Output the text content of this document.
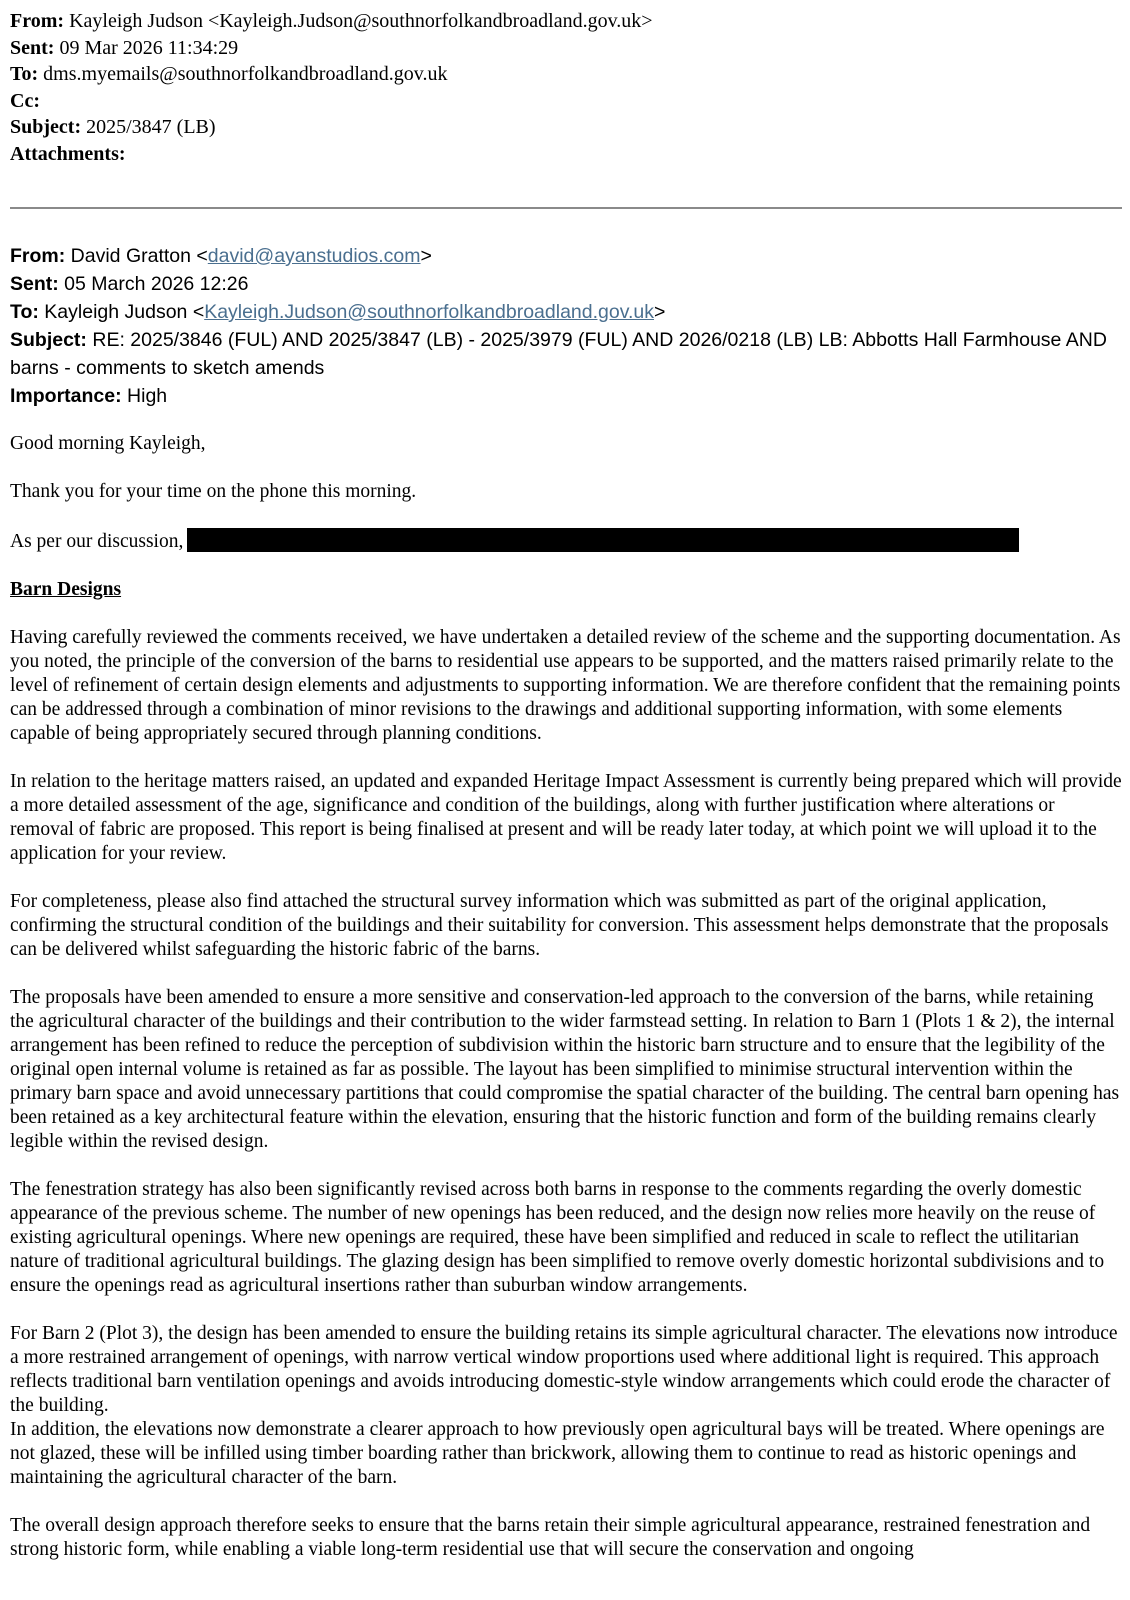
From: Kayleigh Judson <Kayleigh.Judson@southnorfolkandbroadland.gov.uk>
Sent: 09 Mar 2026 11:34:29
To: dms.myemails@southnorfolkandbroadland.gov.uk
Cc:
Subject: 2025/3847 (LB)
Attachments:
From: David Gratton <david@ayanstudios.com>
Sent: 05 March 2026 12:26
To: Kayleigh Judson <Kayleigh.Judson@southnorfolkandbroadland.gov.uk>
Subject: RE: 2025/3846 (FUL) AND 2025/3847 (LB) - 2025/3979 (FUL) AND 2026/0218 (LB) LB: Abbotts Hall Farmhouse AND barns - comments to sketch amends
Importance: High

Good morning Kayleigh,

Thank you for your time on the phone this morning.

As per our discussion,

Barn Designs

Having carefully reviewed the comments received, we have undertaken a detailed review of the scheme and the supporting documentation. As you noted, the principle of the conversion of the barns to residential use appears to be supported, and the matters raised primarily relate to the level of refinement of certain design elements and adjustments to supporting information. We are therefore confident that the remaining points can be addressed through a combination of minor revisions to the drawings and additional supporting information, with some elements capable of being appropriately secured through planning conditions.

In relation to the heritage matters raised, an updated and expanded Heritage Impact Assessment is currently being prepared which will provide a more detailed assessment of the age, significance and condition of the buildings, along with further justification where alterations or removal of fabric are proposed. This report is being finalised at present and will be ready later today, at which point we will upload it to the application for your review.

For completeness, please also find attached the structural survey information which was submitted as part of the original application, confirming the structural condition of the buildings and their suitability for conversion. This assessment helps demonstrate that the proposals can be delivered whilst safeguarding the historic fabric of the barns.

The proposals have been amended to ensure a more sensitive and conservation-led approach to the conversion of the barns, while retaining the agricultural character of the buildings and their contribution to the wider farmstead setting. In relation to Barn 1 (Plots 1 & 2), the internal arrangement has been refined to reduce the perception of subdivision within the historic barn structure and to ensure that the legibility of the original open internal volume is retained as far as possible. The layout has been simplified to minimise structural intervention within the primary barn space and avoid unnecessary partitions that could compromise the spatial character of the building. The central barn opening has been retained as a key architectural feature within the elevation, ensuring that the historic function and form of the building remains clearly legible within the revised design.

The fenestration strategy has also been significantly revised across both barns in response to the comments regarding the overly domestic appearance of the previous scheme. The number of new openings has been reduced, and the design now relies more heavily on the reuse of existing agricultural openings. Where new openings are required, these have been simplified and reduced in scale to reflect the utilitarian nature of traditional agricultural buildings. The glazing design has been simplified to remove overly domestic horizontal subdivisions and to ensure the openings read as agricultural insertions rather than suburban window arrangements.

For Barn 2 (Plot 3), the design has been amended to ensure the building retains its simple agricultural character. The elevations now introduce a more restrained arrangement of openings, with narrow vertical window proportions used where additional light is required. This approach reflects traditional barn ventilation openings and avoids introducing domestic-style window arrangements which could erode the character of the building.

In addition, the elevations now demonstrate a clearer approach to how previously open agricultural bays will be treated. Where openings are not glazed, these will be infilled using timber boarding rather than brickwork, allowing them to continue to read as historic openings and maintaining the agricultural character of the barn.

The overall design approach therefore seeks to ensure that the barns retain their simple agricultural appearance, restrained fenestration and strong historic form, while enabling a viable long-term residential use that will secure the conservation and ongoing
